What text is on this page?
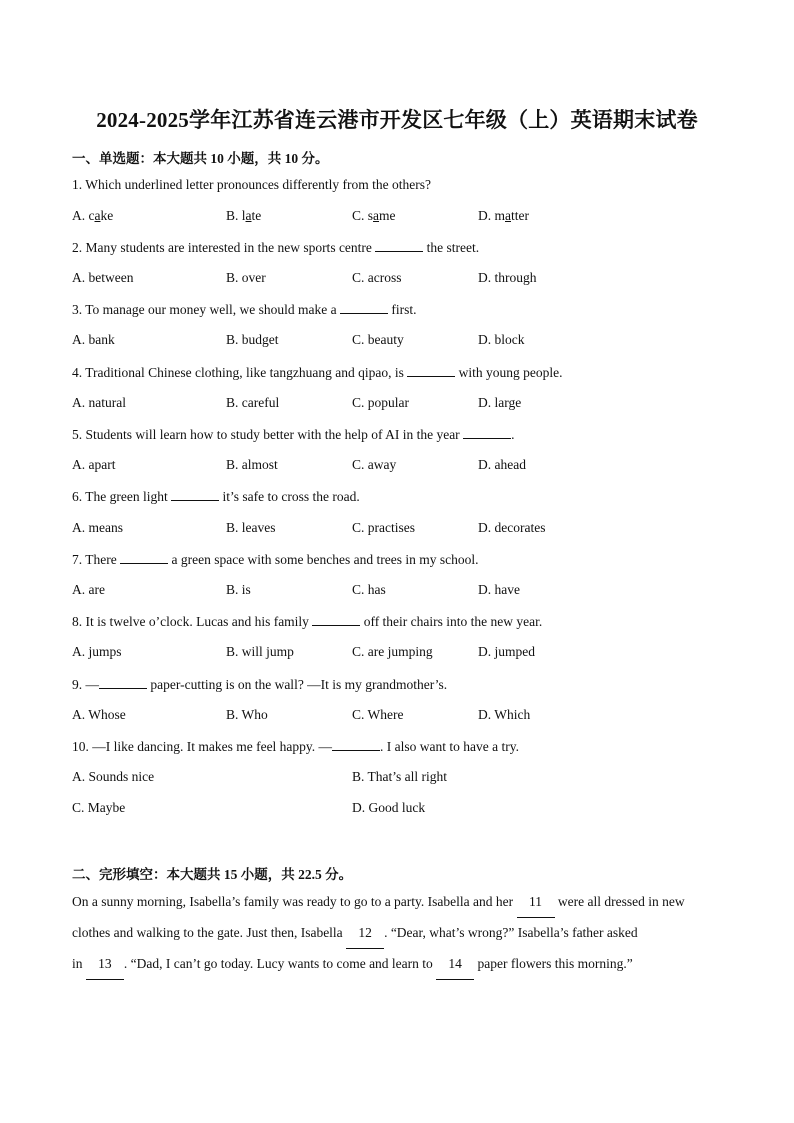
2024-2025学年江苏省连云港市开发区七年级（上）英语期末试卷
一、单选题：本大题共 10 小题，共 10 分。
1. Which underlined letter pronounces differently from the others?
A. cake	B. late	C. same	D. matter
2. Many students are interested in the new sports centre	the street.
A. between	B. over	C. across	D. through
3. To manage our money well, we should make a	first.
A. bank	B. budget	C. beauty	D. block
4. Traditional Chinese clothing, like tangzhuang and qipao, is	with young people.
A. natural	B. careful	C. popular	D. large
5. Students will learn how to study better with the help of AI in the year	.
A. apart	B. almost	C. away	D. ahead
6. The green light	it’s safe to cross the road.
A. means	B. leaves	C. practises	D. decorates
7. There	a green space with some benches and trees in my school.
A. are	B. is	C. has	D. have
8. It is twelve o’clock. Lucas and his family	off their chairs into the new year.
A. jumps	B. will jump	C. are jumping	D. jumped
9. —	paper-cutting is on the wall? —It is my grandmother’s.
A. Whose	B. Who	C. Where	D. Which
10. —I like dancing. It makes me feel happy. —	. I also want to have a try.
A. Sounds nice	B. That’s all right
C. Maybe	D. Good luck
二、完形填空：本大题共 15 小题，共 22.5 分。
On a sunny morning, Isabella’s family was ready to go to a party. Isabella and her 11 were all dressed in new
clothes and walking to the gate. Just then, Isabella 12 . “Dear, what’s wrong?” Isabella’s father asked
in 13 . “Dad, I can’t go today. Lucy wants to come and learn to 14 paper flowers this morning.”
